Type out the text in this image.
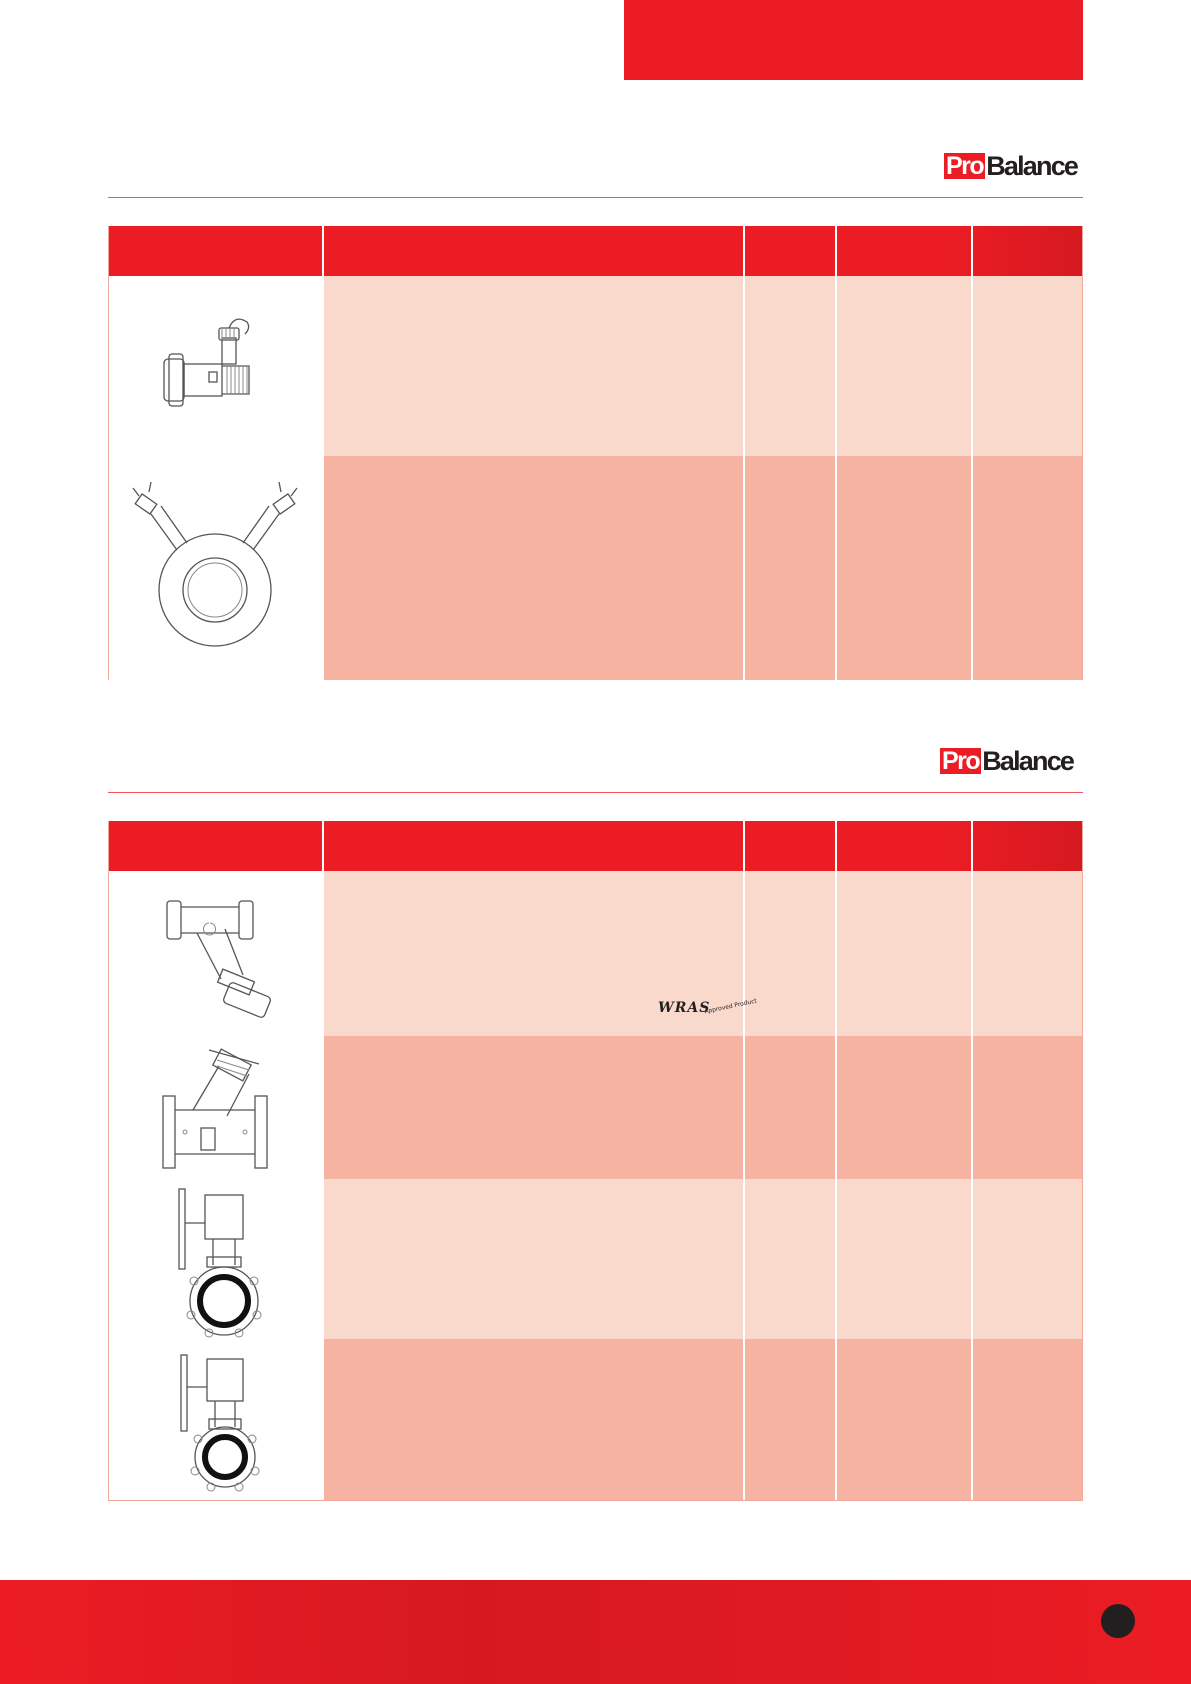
Pro Balance
Pro Balance
WRAS
Approved Product
